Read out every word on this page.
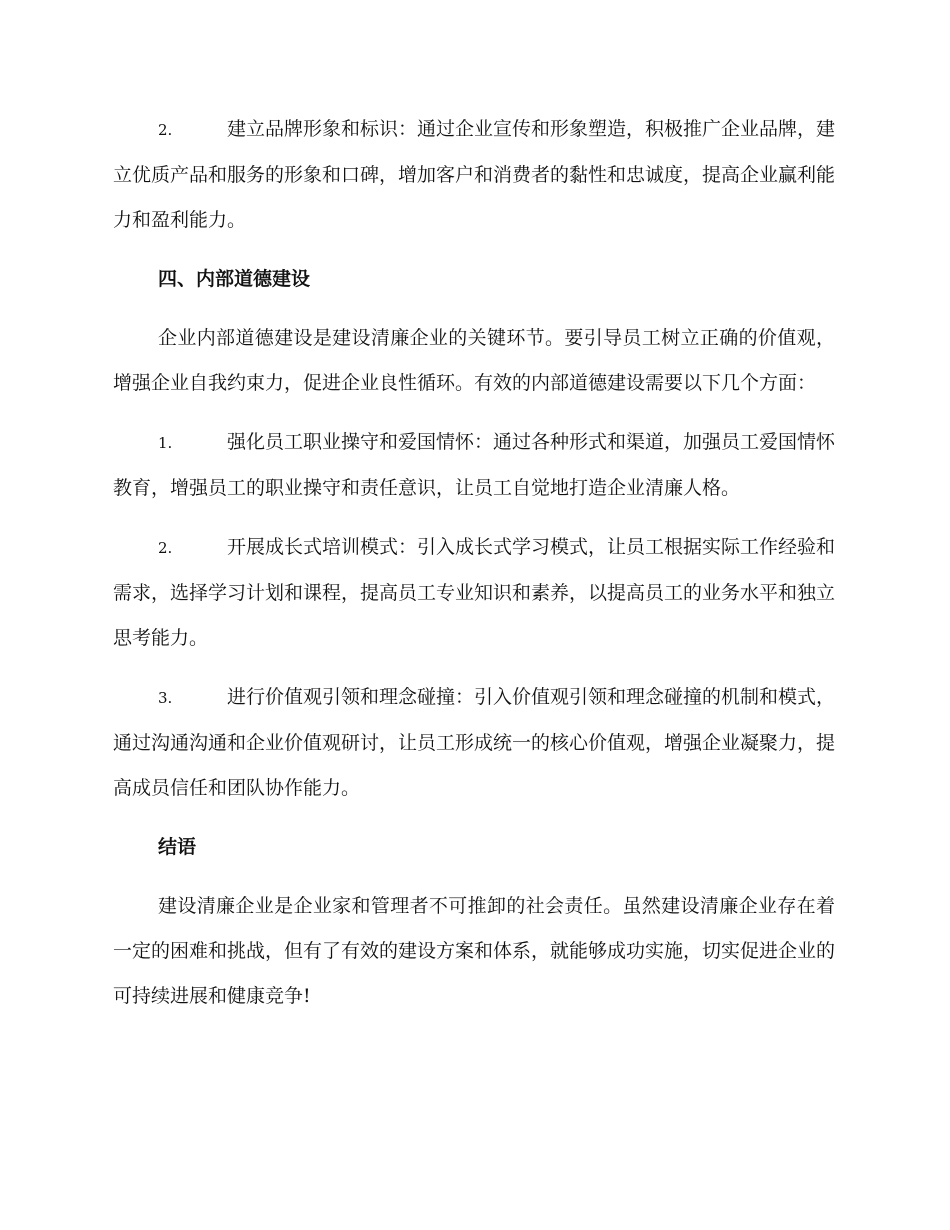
2.	建立品牌形象和标识：通过企业宣传和形象塑造，积极推广企业品牌，建立优质产品和服务的形象和口碑，增加客户和消费者的黏性和忠诚度，提高企业赢利能力和盈利能力。

四、内部道德建设

企业内部道德建设是建设清廉企业的关键环节。要引导员工树立正确的价值观，增强企业自我约束力，促进企业良性循环。有效的内部道德建设需要以下几个方面：

1.	强化员工职业操守和爱国情怀：通过各种形式和渠道，加强员工爱国情怀教育，增强员工的职业操守和责任意识，让员工自觉地打造企业清廉人格。

2.	开展成长式培训模式：引入成长式学习模式，让员工根据实际工作经验和需求，选择学习计划和课程，提高员工专业知识和素养，以提高员工的业务水平和独立思考能力。

3.	进行价值观引领和理念碰撞：引入价值观引领和理念碰撞的机制和模式，通过沟通沟通和企业价值观研讨，让员工形成统一的核心价值观，增强企业凝聚力，提高成员信任和团队协作能力。

结语

建设清廉企业是企业家和管理者不可推卸的社会责任。虽然建设清廉企业存在着一定的困难和挑战，但有了有效的建设方案和体系，就能够成功实施，切实促进企业的可持续进展和健康竞争!
